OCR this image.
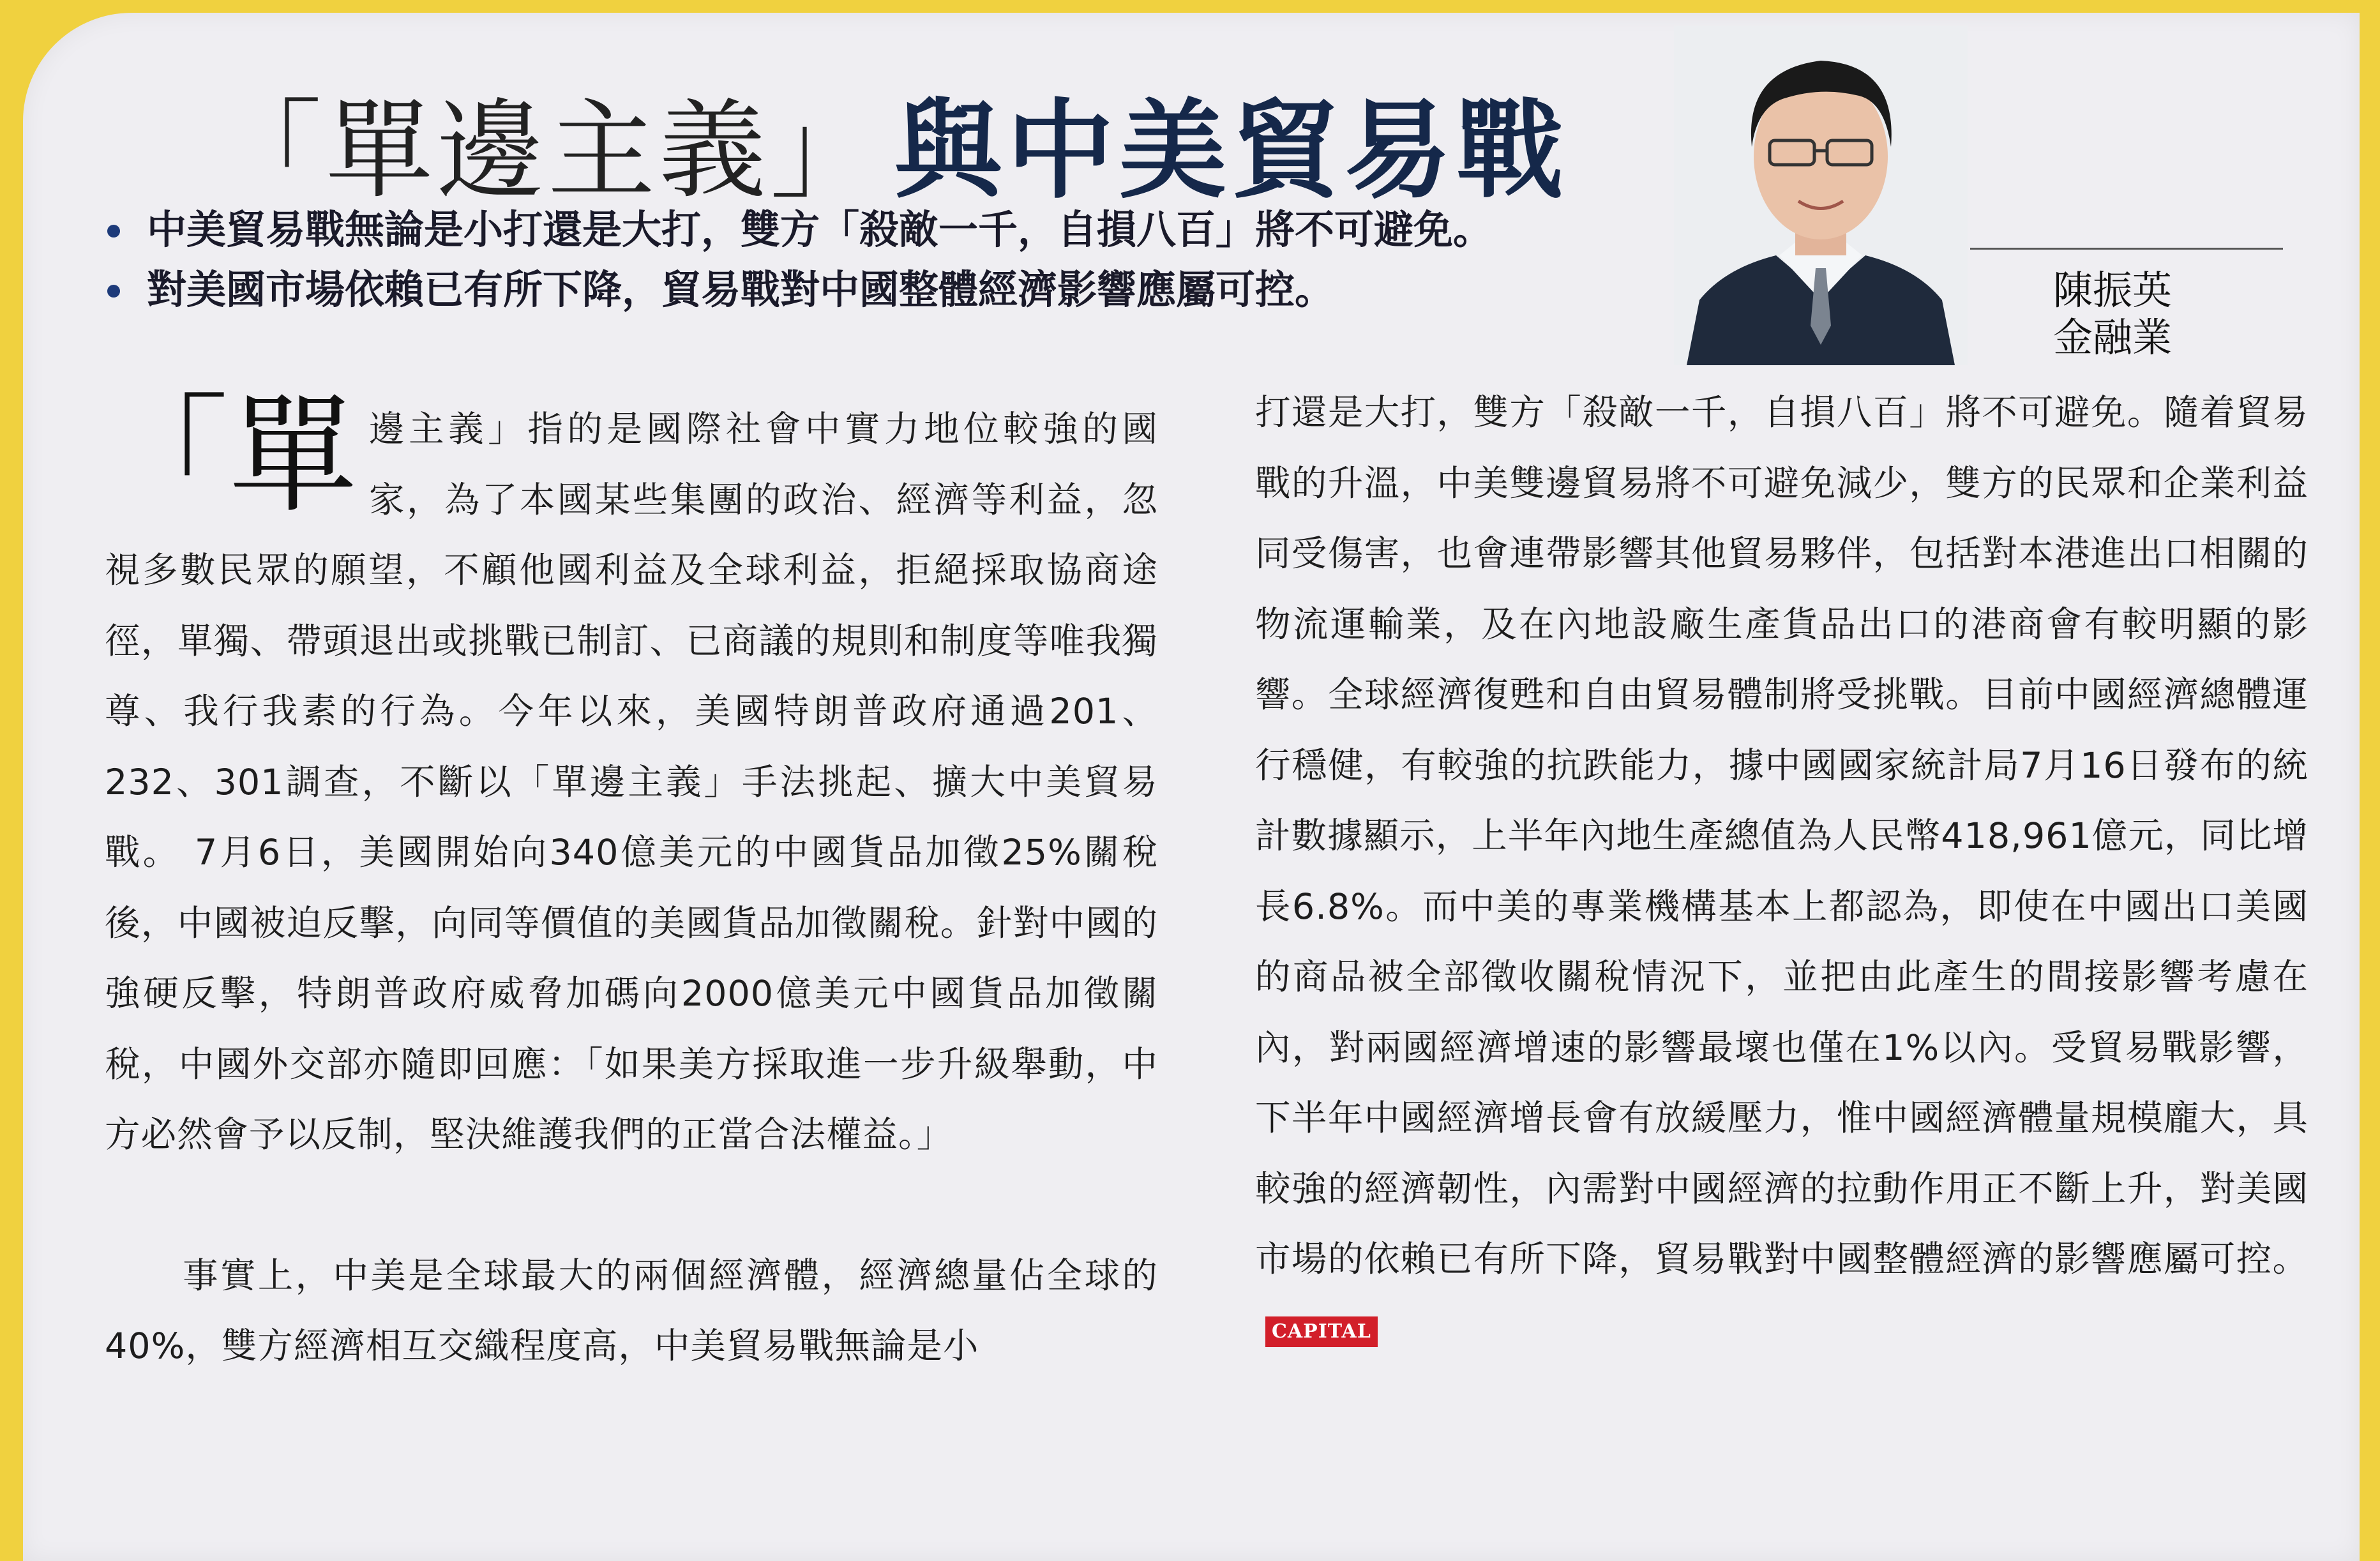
「單邊主義」 與中美貿易戰
中美貿易戰無論是小打還是大打，雙方「殺敵一千，自損八百」將不可避免。
對美國市場依賴已有所下降，貿易戰對中國整體經濟影響應屬可控。	陳振英
金融業

「單 邊主義」指的是國際社會中實力地位較強的國家，為了本國某些集團的政治、經濟等利益，忽視多數民眾的願望，不顧他國利益及全球利益，拒絕採取協商途徑，單獨、帶頭退出或挑戰已制訂、已商議的規則和制度等唯我獨尊、我行我素的行為。今年以來，美國特朗普政府通過201、232、301調查，不斷以「單邊主義」手法挑起、擴大中美貿易戰。 7月6日，美國開始向340億美元的中國貨品加徵25%關稅後，中國被迫反擊，向同等價值的美國貨品加徵關稅。針對中國的強硬反擊，特朗普政府威脅加碼向2000億美元中國貨品加徵關稅，中國外交部亦隨即回應：「如果美方採取進一步升級舉動，中方必然會予以反制，堅決維護我們的正當合法權益。」

事實上，中美是全球最大的兩個經濟體，經濟總量佔全球的40%，雙方經濟相互交織程度高，中美貿易戰無論是小

打還是大打，雙方「殺敵一千，自損八百」將不可避免。隨着貿易戰的升溫，中美雙邊貿易將不可避免減少，雙方的民眾和企業利益同受傷害，也會連帶影響其他貿易夥伴，包括對本港進出口相關的物流運輸業，及在內地設廠生產貨品出口的港商會有較明顯的影響。全球經濟復甦和自由貿易體制將受挑戰。目前中國經濟總體運行穩健，有較強的抗跌能力，據中國國家統計局7月16日發布的統計數據顯示，上半年內地生產總值為人民幣418,961億元，同比增長6.8%。而中美的專業機構基本上都認為，即使在中國出口美國的商品被全部徵收關稅情況下，並把由此產生的間接影響考慮在內，對兩國經濟增速的影響最壞也僅在1%以內。受貿易戰影響，下半年中國經濟增長會有放緩壓力，惟中國經濟體量規模龐大，具較強的經濟韌性，內需對中國經濟的拉動作用正不斷上升，對美國市場的依賴已有所下降，貿易戰對中國整體經濟的影響應屬可控。CAPITAL
